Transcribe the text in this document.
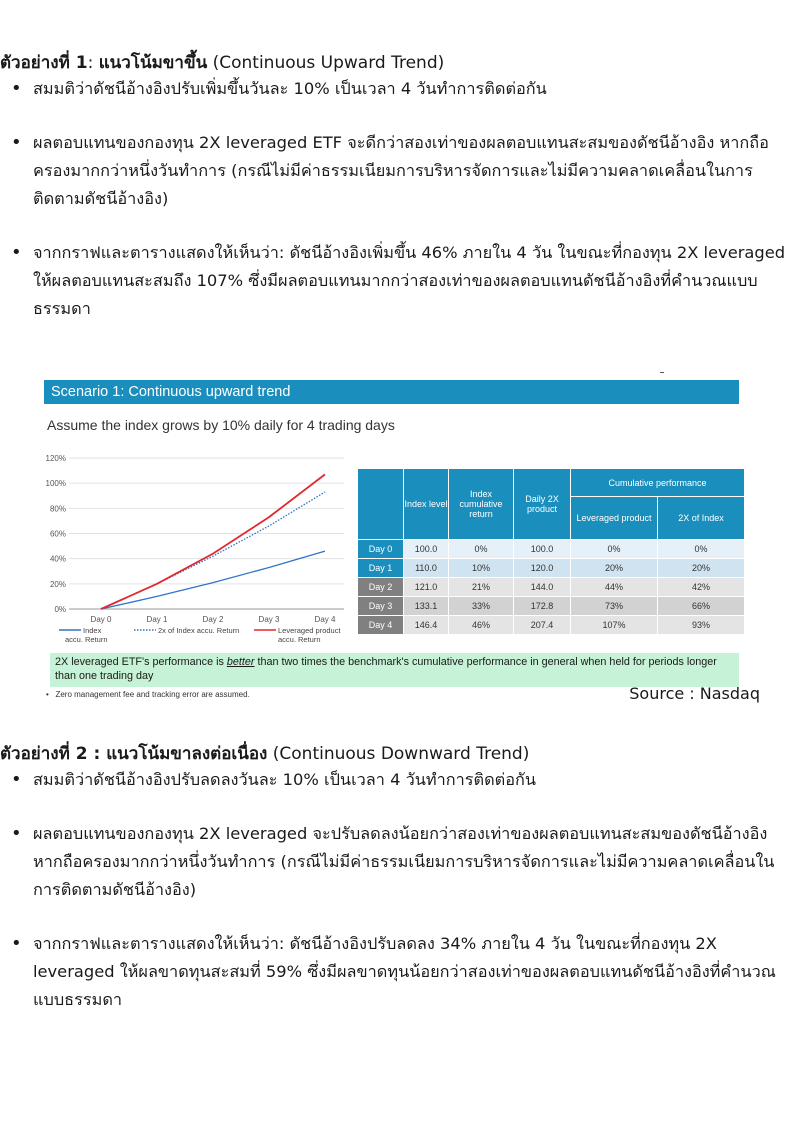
ตัวอย่างที่ 1: แนวโน้มขาขึ้น (Continuous Upward Trend)
• สมมติว่าดัชนีอ้างอิงปรับเพิ่มขึ้นวันละ 10% เป็นเวลา 4 วันทำการติดต่อกัน
• ผลตอบแทนของกองทุน 2X leveraged ETF จะดีกว่าสองเท่าของผลตอบแทนสะสมของดัชนีอ้างอิง หากถือครองมากกว่าหนึ่งวันทำการ (กรณีไม่มีค่าธรรมเนียมการบริหารจัดการและไม่มีความคลาดเคลื่อนในการติดตามดัชนีอ้างอิง)
• จากกราฟและตารางแสดงให้เห็นว่า: ดัชนีอ้างอิงเพิ่มขึ้น 46% ภายใน 4 วัน ในขณะที่กองทุน 2X leveraged ให้ผลตอบแทนสะสมถึง 107% ซึ่งมีผลตอบแทนมากกว่าสองเท่าของผลตอบแทนดัชนีอ้างอิงที่คำนวณแบบธรรมดา
Scenario 1: Continuous upward trend
Assume the index grows by 10% daily for 4 trading days
0%
20%
40%
60%
80%
100%
120%
Day 0	Day 1	Day 2	Day 3	Day 4
Index accu. Return
2x of Index accu. Return	Leveraged product accu. Return
	Index level	Index cumulative return	Daily 2X product	Cumulative performance	
				Leveraged product	2X of Index
Day 0	100.0	0%	100.0	0%	0%
Day 1	110.0	10%	120.0	20%	20%
Day 2	121.0	21%	144.0	44%	42%
Day 3	133.1	33%	172.8	73%	66%
Day 4	146.4	46%	207.4	107%	93%
2X leveraged ETF's performance is better than two times the benchmark's cumulative performance in general when held for periods longer than one trading day
•   Zero management fee and tracking error are assumed.	Source : Nasdaq
ตัวอย่างที่ 2 : แนวโน้มขาลงต่อเนื่อง (Continuous Downward Trend)
• สมมติว่าดัชนีอ้างอิงปรับลดลงวันละ 10% เป็นเวลา 4 วันทำการติดต่อกัน
• ผลตอบแทนของกองทุน 2X leveraged จะปรับลดลงน้อยกว่าสองเท่าของผลตอบแทนสะสมของดัชนีอ้างอิง หากถือครองมากกว่าหนึ่งวันทำการ (กรณีไม่มีค่าธรรมเนียมการบริหารจัดการและไม่มีความคลาดเคลื่อนในการติดตามดัชนีอ้างอิง)
• จากกราฟและตารางแสดงให้เห็นว่า: ดัชนีอ้างอิงปรับลดลง 34% ภายใน 4 วัน ในขณะที่กองทุน 2X leveraged ให้ผลขาดทุนสะสมที่ 59% ซึ่งมีผลขาดทุนน้อยกว่าสองเท่าของผลตอบแทนดัชนีอ้างอิงที่คำนวณแบบธรรมดา
